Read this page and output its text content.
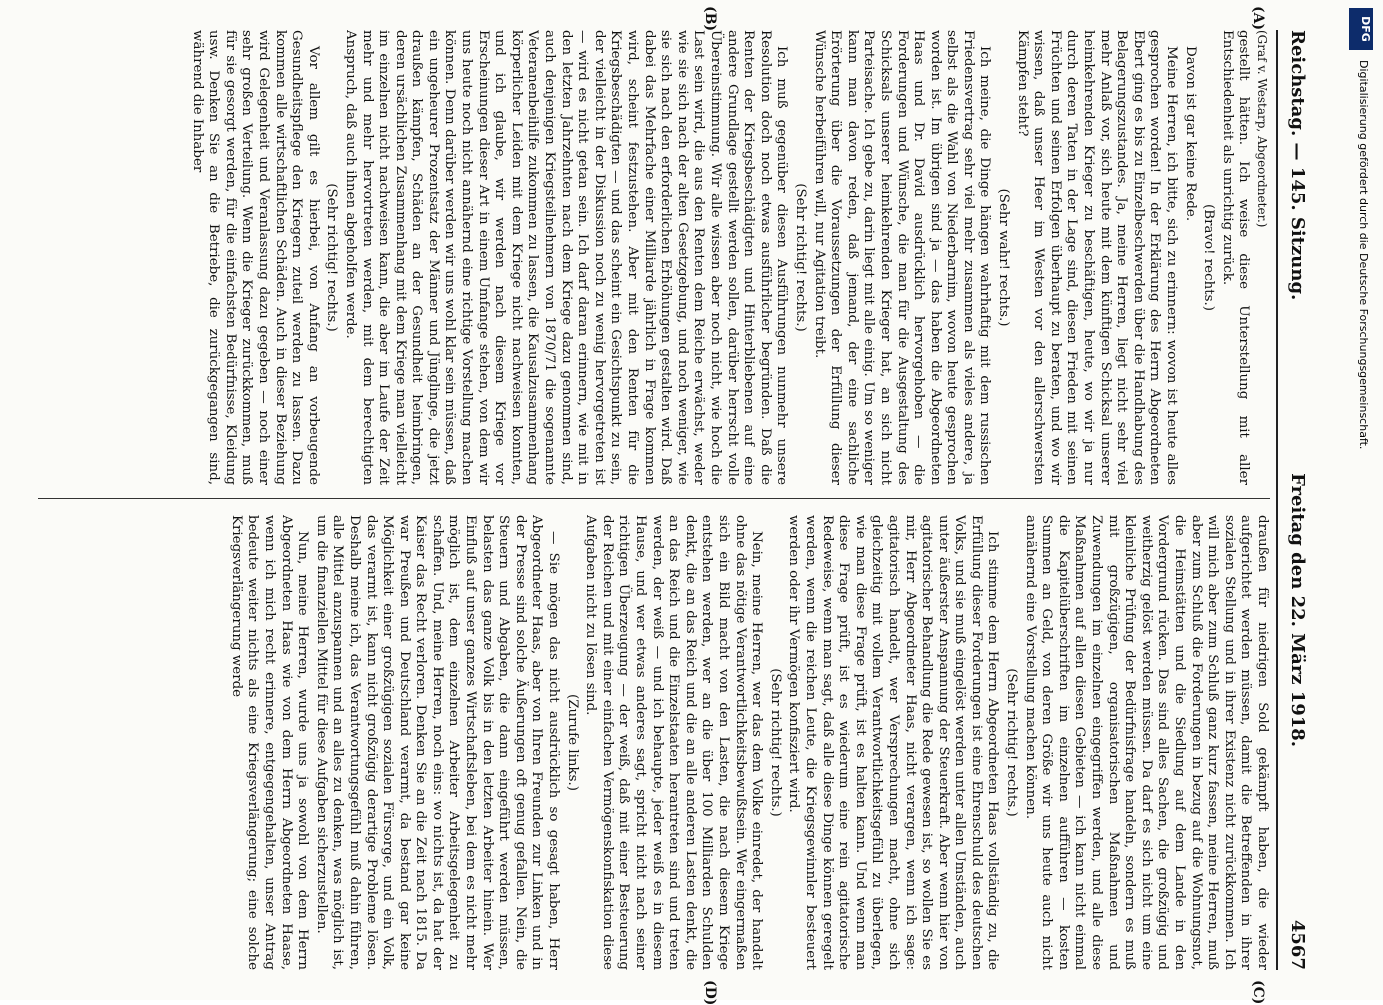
Reichstag. — 145. Sitzung.
Freitag den 22. März 1918.
4567
(A)
(B)
(C)
(D)

(Graf v. Westarp, Abgeordneter.)

gestellt hätten. Ich weise diese Unterstellung mit aller Entschiedenheit als unrichtig zurück.

(Bravo! rechts.)

Davon ist gar keine Rede.

Meine Herren, ich bitte, sich zu erinnern: wovon ist heute alles gesprochen worden! In der Erklärung des Herrn Abgeordneten Ebert ging es bis zu Einzelbeschwerden über die Handhabung des Belagerungszustandes. Ja, meine Herren, liegt nicht sehr viel mehr Anlaß vor, sich heute mit dem künftigen Schicksal unserer heimkehrenden Krieger zu beschäftigen, heute, wo wir ja nur durch deren Taten in der Lage sind, diesen Frieden mit seinen Früchten und seinen Erfolgen überhaupt zu beraten, und wo wir wissen, daß unser Heer im Westen vor den allerschwersten Kämpfen steht?

(Sehr wahr! rechts.)

Ich meine, die Dinge hängen wahrhaftig mit dem russischen Friedensvertrag sehr viel mehr zusammen als vieles andere, ja selbst als die Wahl von Niederbarnim, wovon heute gesprochen worden ist. Im übrigen sind ja — das haben die Abgeordneten Haas und Dr. David ausdrücklich hervorgehoben — die Forderungen und Wünsche, die man für die Ausgestaltung des Schicksals unserer heimkehrenden Krieger hat, an sich nicht Parteisache. Ich gebe zu, darin liegt mit alle einig. Um so weniger kann man davon reden, daß jemand, der eine sachliche Erörterung über die Voraussetzungen der Erfüllung dieser Wünsche herbeiführen will, nur Agitation treibt.

(Sehr richtig! rechts.)

Ich muß gegenüber diesen Ausführungen nunmehr unsere Resolution doch noch etwas ausführlicher begründen. Daß die Renten der Kriegsbeschädigten und Hinterbliebenen auf eine andere Grundlage gestellt werden sollen, darüber herrscht volle Übereinstimmung. Wir alle wissen aber noch nicht, wie hoch die Last sein wird, die aus den Renten dem Reiche erwächst, weder wie sie sich nach der alten Gesetzgebung, und noch weniger, wie sie sich nach den erforderlichen Erhöhungen gestalten wird. Daß dabei das Mehrfache einer Milliarde jährlich in Frage kommen wird, scheint festzustehen. Aber mit den Renten für die Kriegsbeschädigten — und das scheint ein Gesichtspunkt zu sein, der vielleicht in der Diskussion noch zu wenig hervorgetreten ist — wird es nicht getan sein. Ich darf daran erinnern, wie mit in den letzten Jahrzehnten nach dem Kriege dazu genommen sind, auch denjenigen Kriegsteilnehmern von 1870/71 die sogenannte Veteranenbeihilfe zukommen zu lassen, die Kausalzusammenhang körperlicher Leiden mit dem Kriege nicht nachweisen konnten, und ich glaube, wir werden nach diesem Kriege vor Erscheinungen dieser Art in einem Umfange stehen, von dem wir uns heute noch nicht annähernd eine richtige Vorstellung machen können. Denn darüber werden wir uns wohl klar sein müssen, daß ein ungeheurer Prozentsatz der Männer und Jünglinge, die jetzt draußen kämpfen, Schäden an der Gesundheit heimbringen, deren ursächlichen Zusammenhang mit dem Kriege man vielleicht im einzelnen nicht nachweisen kann, die aber im Laufe der Zeit mehr und mehr hervortreten werden, mit dem berechtigten Anspruch, daß auch ihnen abgeholfen werde.

(Sehr richtig! rechts.)

Vor allem gilt es hierbei, von Anfang an vorbeugende Gesundheitspflege den Kriegern zuteil werden zu lassen. Dazu kommen alle wirtschaftlichen Schäden. Auch in dieser Beziehung wird Gelegenheit und Veranlassung dazu gegeben — noch einer sehr großen Verteilung. Wenn die Krieger zurückkommen, muß für sie gesorgt werden, für die einfachsten Bedürfnisse, Kleidung usw. Denken Sie an die Betriebe, die zurückgegangen sind, während die Inhaber

draußen für niedrigen Sold gekämpft haben, die wieder aufgerichtet werden müssen, damit die Betreffenden in ihrer sozialen Stellung und in ihrer Existenz nicht zurückkommen. Ich will mich aber zum Schluß ganz kurz fassen, meine Herren, muß aber zum Schluß die Forderungen in bezug auf die Wohnungsnot, die Heimstätten und die Siedlung auf dem Lande in den Vordergrund rücken. Das sind alles Sachen, die großzügig und weitherzig gelöst werden müssen. Da darf es sich nicht um eine kleinliche Prüfung der Bedürfnisfrage handeln, sondern es muß mit großzügigen, organisatorischen Maßnahmen und Zuwendungen im einzelnen eingegriffen werden, und alle diese Maßnahmen auf allen diesen Gebieten — ich kann nicht einmal die Kapitelüberschriften im einzelnen aufführen — kosten Summen an Geld, von deren Größe wir uns heute auch nicht annähernd eine Vorstellung machen können.

(Sehr richtig! rechts.)

Ich stimme dem Herrn Abgeordneten Haas vollständig zu, die Erfüllung dieser Forderungen ist eine Ehrenschuld des deutschen Volks, und sie muß eingelöst werden unter allen Umständen, auch unter äußerster Anspannung der Steuerkraft. Aber wenn hier von agitatorischer Behandlung die Rede gewesen ist, so wollen Sie es mir, Herr Abgeordneter Haas, nicht verargen, wenn ich sage: agitatorisch handelt, wer Versprechungen macht, ohne sich gleichzeitig mit vollem Verantwortlichkeitsgefühl zu überlegen, wie man diese Frage prüft, ist es halten kann. Und wenn man diese Frage prüft, ist es wiederum eine rein agitatorische Redeweise, wenn man sagt, daß alle diese Dinge können geregelt werden, wenn die reichen Leute, die Kriegsgewinnler besteuert werden oder ihr Vermögen konfisziert wird.

(Sehr richtig! rechts.)

Nein, meine Herren, wer das dem Volke einredet, der handelt ohne das nötige Verantwortlichkeitsbewußtsein. Wer eingermaßen sich ein Bild macht von den Lasten, die nach diesem Kriege entstehen werden, wer an die über 100 Milliarden Schulden denkt, die an das Reich und die an alle anderen Lasten denkt, die an das Reich und die Einzelstaaten herantreten sind und treten werden, der weiß — und ich behaupte, jeder weiß es in diesem Hause, und wer etwas anderes sagt, spricht nicht nach seiner richtigen Überzeugung — der weiß, daß mit einer Besteuerung der Reichen und mit einer einfachen Vermögenskonfiskation diese Aufgaben nicht zu lösen sind.

(Zurufe links.)

— Sie mögen das nicht ausdrücklich so gesagt haben, Herr Abgeordneter Haas, aber von Ihren Freunden zur Linken und in der Presse sind solche Äußerungen oft genug gefallen. Nein, die Steuern und Abgaben, die dann eingeführt werden müssen, belasten das ganze Volk bis in den letzten Arbeiter hinein. Wer Einfluß auf unser ganzes Wirtschaftsleben, bei dem es nicht mehr möglich ist, dem einzelnen Arbeiter Arbeitsgelegenheit zu schaffen. Und, meine Herren, noch eins: wo nichts ist, da hat der Kaiser das Recht verloren. Denken Sie an die Zeit nach 1815. Da war Preußen und Deutschland verarmt, da bestand gar keine Möglichkeit einer großzügigen sozialen Fürsorge, und ein Volk, das verarmt ist, kann nicht großzügig derartige Probleme lösen. Deshalb meine ich, das Verantwortungsgefühl muß dahin führen, alle Mittel anzuspannen und an alles zu denken, was möglich ist, um die finanziellen Mittel für diese Aufgaben sicherzustellen.

Nun, meine Herren, wurde uns ja sowohl von dem Herrn Abgeordneten Haas wie von dem Herrn Abgeordneten Haase, wenn ich mich recht erinnere, entgegengehalten, unser Antrag bedeute weiter nichts als eine Kriegsverlängerung; eine solche Kriegsverlängerung werde

DFG
Digitalisierung gefördert durch die Deutsche Forschungsgemeinschaft.
